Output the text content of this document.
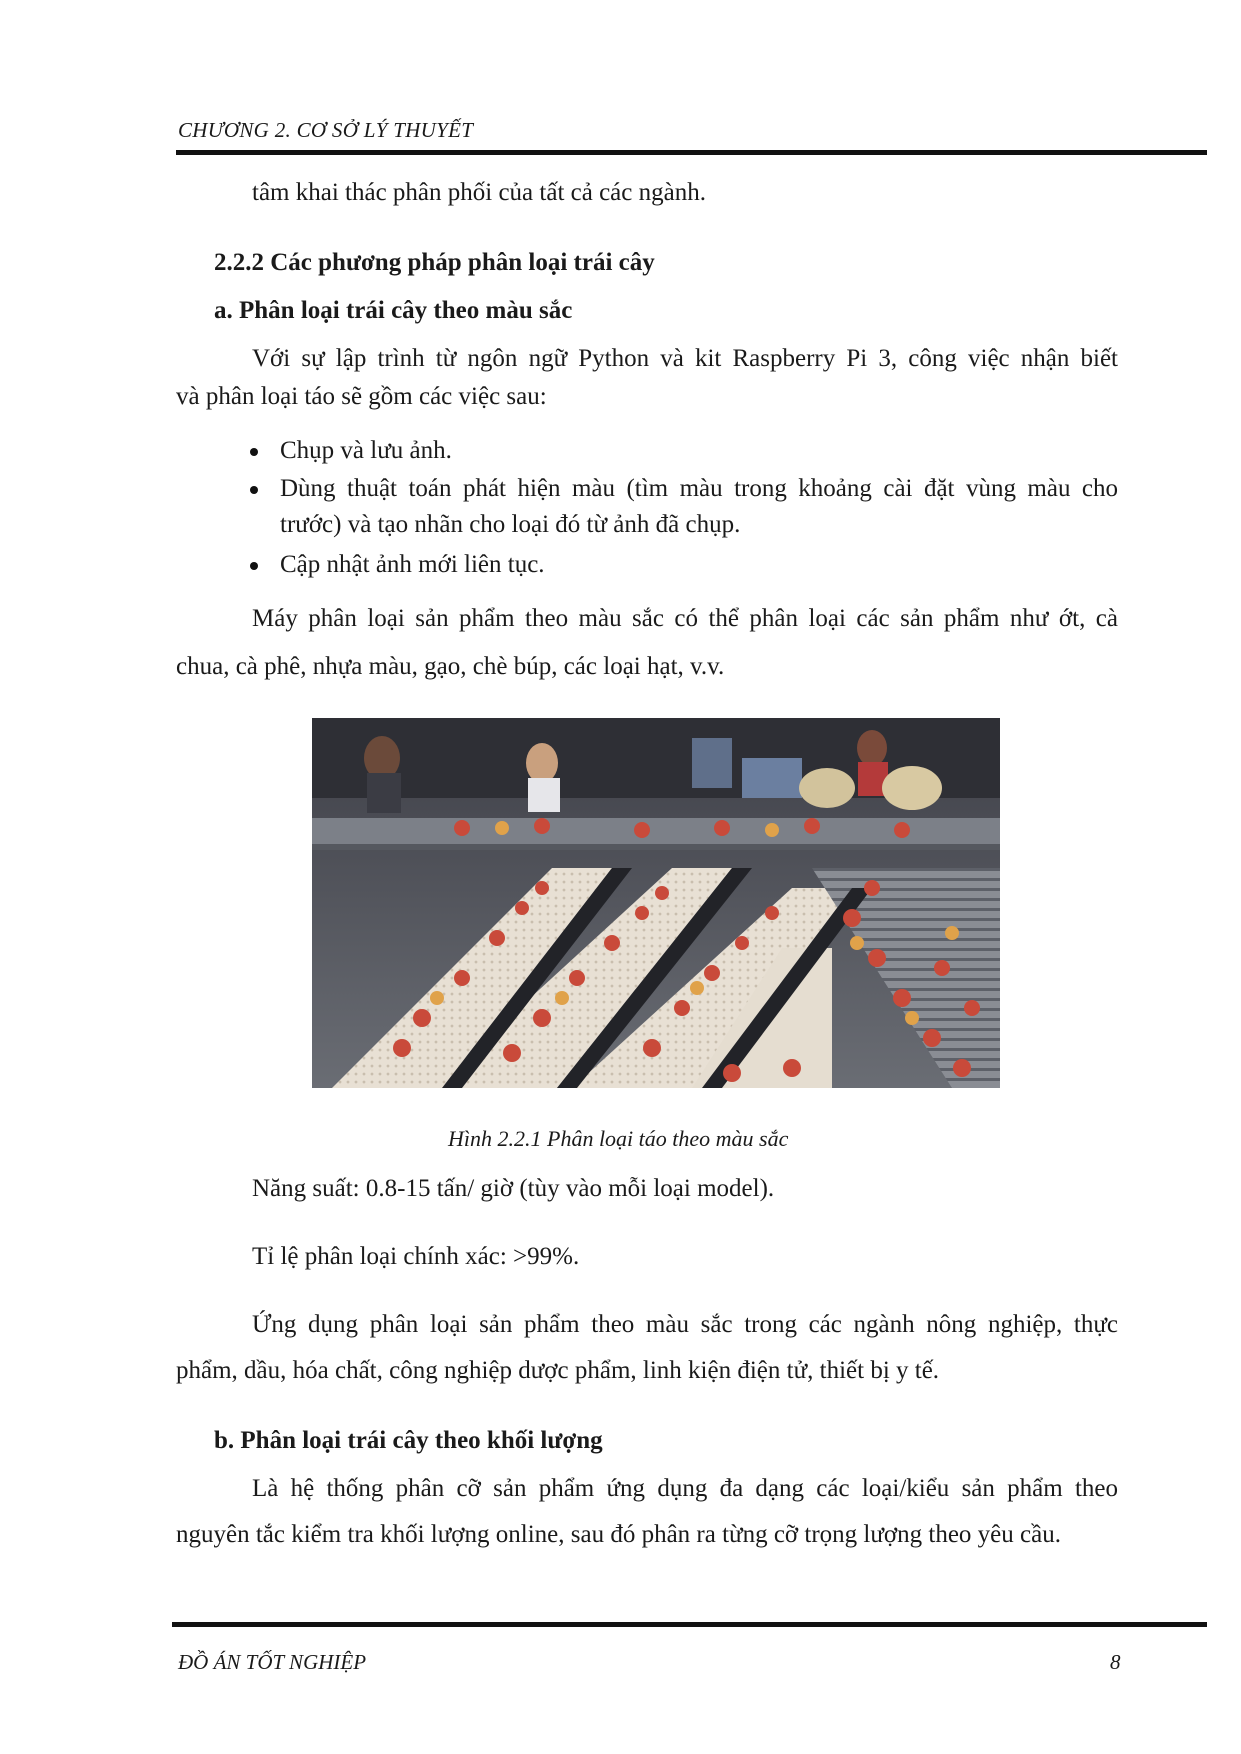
CHƯƠNG 2. CƠ SỞ LÝ THUYẾT
tâm khai thác phân phối của tất cả các ngành.
2.2.2 Các phương pháp phân loại trái cây
a. Phân loại trái cây theo màu sắc
Với sự lập trình từ ngôn ngữ Python và kit Raspberry Pi 3, công việc nhận biết
và phân loại táo sẽ gồm các việc sau:
Chụp và lưu ảnh.
Dùng thuật toán phát hiện màu (tìm màu trong khoảng cài đặt vùng màu cho
trước) và tạo nhãn cho loại đó từ ảnh đã chụp.
Cập nhật ảnh mới liên tục.
Máy phân loại sản phẩm theo màu sắc có thể phân loại các sản phẩm như ớt, cà
chua, cà phê, nhựa màu, gạo, chè búp, các loại hạt, v.v.
Hình 2.2.1 Phân loại táo theo màu sắc
Năng suất: 0.8-15 tấn/ giờ (tùy vào mỗi loại model).
Tỉ lệ phân loại chính xác: >99%.
Ứng dụng phân loại sản phẩm theo màu sắc trong các ngành nông nghiệp, thực
phẩm, dầu, hóa chất, công nghiệp dược phẩm, linh kiện điện tử, thiết bị y tế.
b. Phân loại trái cây theo khối lượng
Là hệ thống phân cỡ sản phẩm ứng dụng đa dạng các loại/kiểu sản phẩm theo
nguyên tắc kiểm tra khối lượng online, sau đó phân ra từng cỡ trọng lượng theo yêu cầu.
ĐỒ ÁN TỐT NGHIỆP	8
